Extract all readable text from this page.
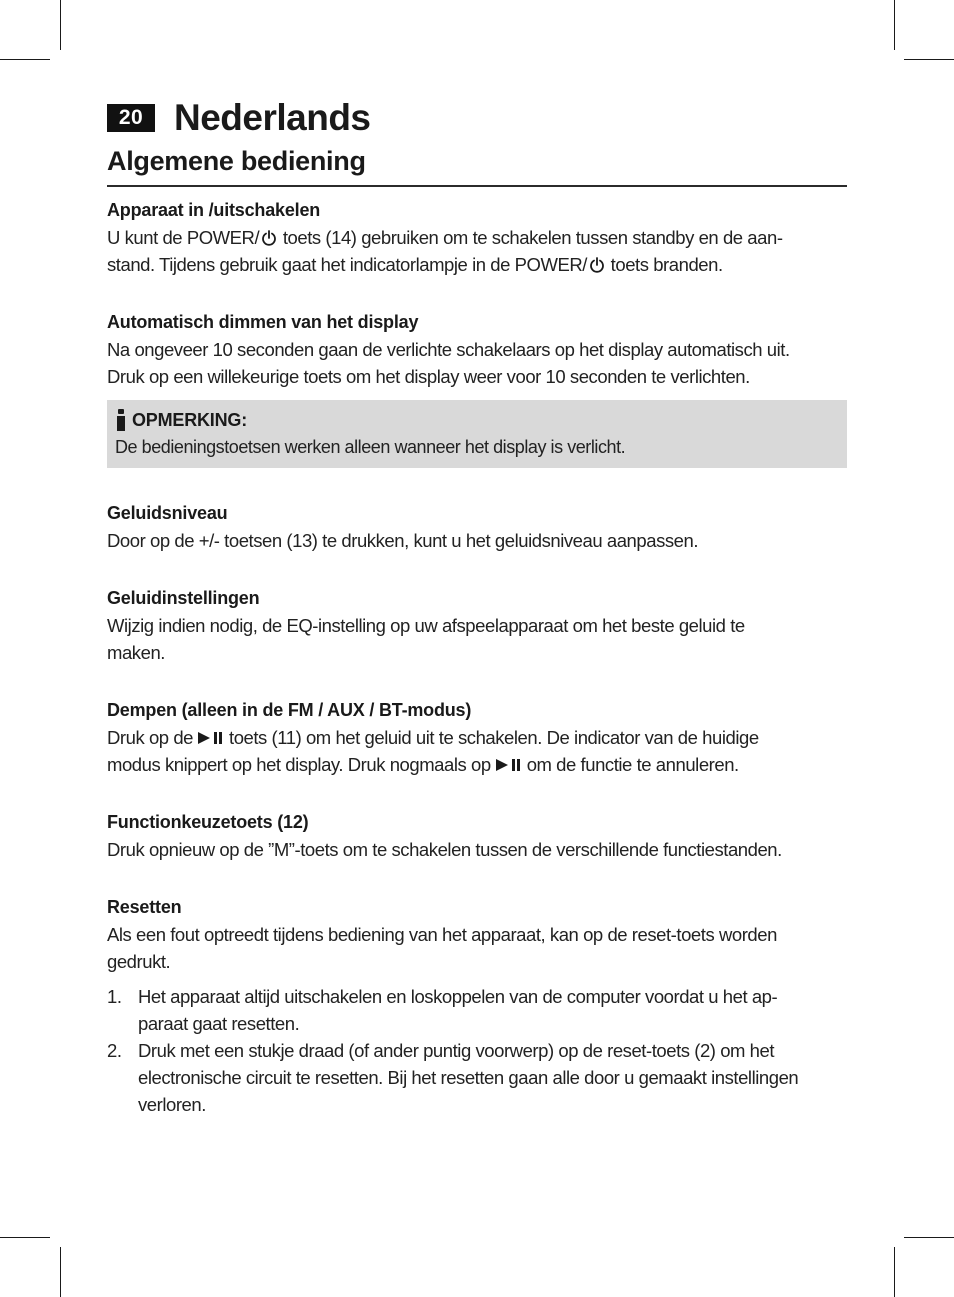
20 Nederlands
Algemene bediening
Apparaat in /uitschakelen
U kunt de POWER/ toets (14) gebruiken om te schakelen tussen standby en de aan-
stand. Tijdens gebruik gaat het indicatorlampje in de POWER/ toets branden.
Automatisch dimmen van het display
Na ongeveer 10 seconden gaan de verlichte schakelaars op het display automatisch uit.
Druk op een willekeurige toets om het display weer voor 10 seconden te verlichten.
OPMERKING:
De bedieningstoetsen werken alleen wanneer het display is verlicht.
Geluidsniveau
Door op de +/- toetsen (13) te drukken, kunt u het geluidsniveau aanpassen.
Geluidinstellingen
Wijzig indien nodig, de EQ-instelling op uw afspeelapparaat om het beste geluid te
maken.
Dempen (alleen in de FM / AUX / BT-modus)
Druk op de toets (11) om het geluid uit te schakelen. De indicator van de huidige
modus knippert op het display. Druk nogmaals op om de functie te annuleren.
Functionkeuzetoets (12)
Druk opnieuw op de ”M”-toets om te schakelen tussen de verschillende functiestanden.
Resetten
Als een fout optreedt tijdens bediening van het apparaat, kan op de reset-toets worden
gedrukt.
1. Het apparaat altijd uitschakelen en loskoppelen van de computer voordat u het ap-
paraat gaat resetten.
2. Druk met een stukje draad (of ander puntig voorwerp) op de reset-toets (2) om het
electronische circuit te resetten. Bij het resetten gaan alle door u gemaakt instellingen
verloren.
